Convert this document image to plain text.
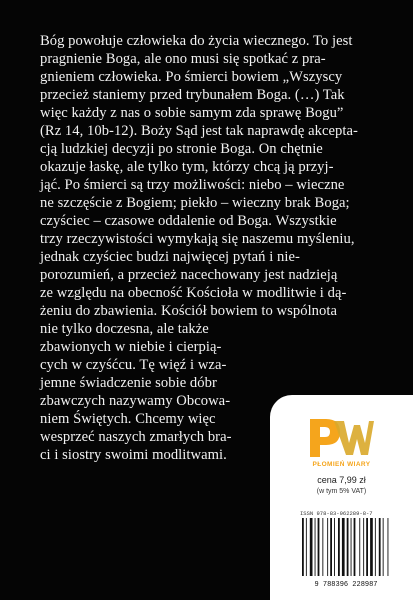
Bóg powołuje człowieka do życia wiecznego. To jest
pragnienie Boga, ale ono musi się spotkać z pra-
gnieniem człowieka. Po śmierci bowiem „Wszyscy
przecież staniemy przed trybunałem Boga. (…) Tak
więc każdy z nas o sobie samym zda sprawę Bogu”
(Rz 14, 10b-12). Boży Sąd jest tak naprawdę akcepta-
cją ludzkiej decyzji po stronie Boga. On chętnie
okazuje łaskę, ale tylko tym, którzy chcą ją przyj-
jąć. Po śmierci są trzy możliwości: niebo – wieczne
ne szczęście z Bogiem; piekło – wieczny brak Boga;
czyściec – czasowe oddalenie od Boga. Wszystkie
trzy rzeczywistości wymykają się naszemu myśleniu,
jednak czyściec budzi najwięcej pytań i nie-
porozumień, a przecież nacechowany jest nadzieją
ze względu na obecność Kościoła w modlitwie i dą-
żeniu do zbawienia. Kościół bowiem to wspólnota
nie tylko doczesna, ale także
zbawionych w niebie i cierpią-
cych w czyśćcu. Tę więź i wza-
jemne świadczenie sobie dóbr
zbawczych nazywamy Obcowa-
niem Świętych. Chcemy więc
wesprzeć naszych zmarłych bra-
ci i siostry swoimi modlitwami.
PŁOMIEŃ WIARY
cena 7,99 zł
(w tym 5% VAT)
ISSN 978-83-962289-8-7
9 788396 228987
